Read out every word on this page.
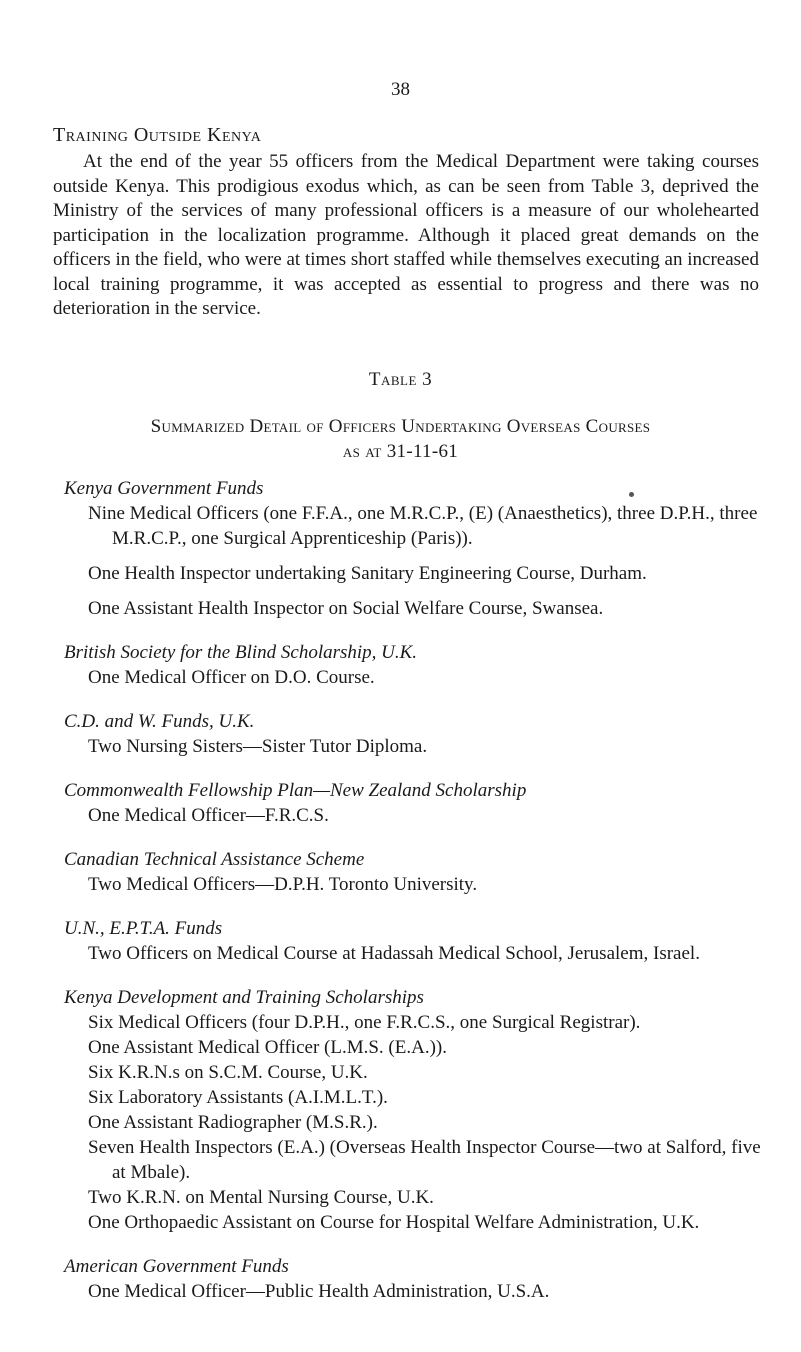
38
Training Outside Kenya
At the end of the year 55 officers from the Medical Department were taking courses outside Kenya. This prodigious exodus which, as can be seen from Table 3, deprived the Ministry of the services of many professional officers is a measure of our wholehearted participation in the localization programme. Although it placed great demands on the officers in the field, who were at times short staffed while themselves executing an increased local training programme, it was accepted as essential to progress and there was no deterioration in the service.
Table 3
Summarized Detail of Officers Undertaking Overseas Courses
as at 31-11-61
Kenya Government Funds
Nine Medical Officers (one F.F.A., one M.R.C.P., (E) (Anaesthetics), three D.P.H., three M.R.C.P., one Surgical Apprenticeship (Paris)).
One Health Inspector undertaking Sanitary Engineering Course, Durham.
One Assistant Health Inspector on Social Welfare Course, Swansea.
British Society for the Blind Scholarship, U.K.
One Medical Officer on D.O. Course.
C.D. and W. Funds, U.K.
Two Nursing Sisters—Sister Tutor Diploma.
Commonwealth Fellowship Plan—New Zealand Scholarship
One Medical Officer—F.R.C.S.
Canadian Technical Assistance Scheme
Two Medical Officers—D.P.H. Toronto University.
U.N., E.P.T.A. Funds
Two Officers on Medical Course at Hadassah Medical School, Jerusalem, Israel.
Kenya Development and Training Scholarships
Six Medical Officers (four D.P.H., one F.R.C.S., one Surgical Registrar).
One Assistant Medical Officer (L.M.S. (E.A.)).
Six K.R.N.s on S.C.M. Course, U.K.
Six Laboratory Assistants (A.I.M.L.T.).
One Assistant Radiographer (M.S.R.).
Seven Health Inspectors (E.A.) (Overseas Health Inspector Course—two at Salford, five at Mbale).
Two K.R.N. on Mental Nursing Course, U.K.
One Orthopaedic Assistant on Course for Hospital Welfare Administration, U.K.
American Government Funds
One Medical Officer—Public Health Administration, U.S.A.
